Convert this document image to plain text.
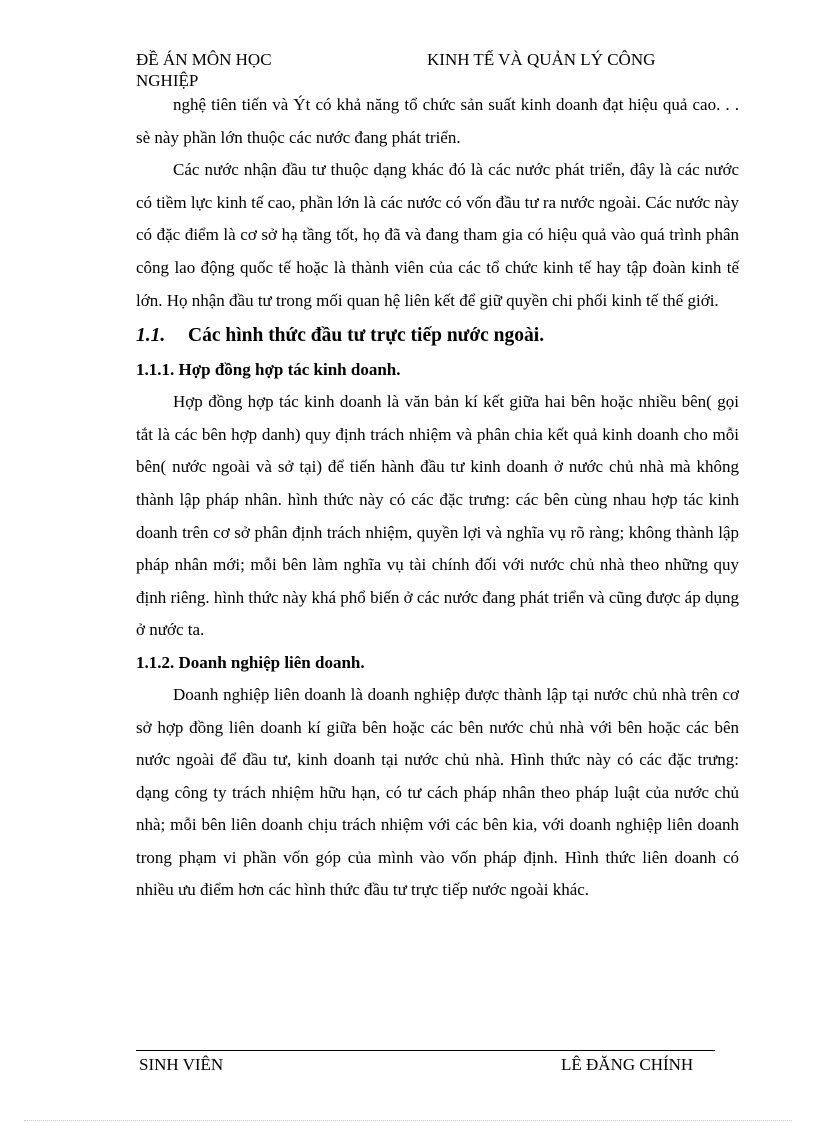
ĐỀ ÁN MÔN HỌC	KINH TẾ VÀ QUẢN LÝ CÔNG
NGHIỆP

nghệ tiên tiến và Ýt có khả năng tổ chức sản suất kinh doanh đạt hiệu quả cao. . . sè này phần lớn thuộc các nước đang phát triển.

Các nước nhận đầu tư thuộc dạng khác đó là các nước phát triển, đây là các nước có tiềm lực kinh tế cao, phần lớn là các nước có vốn đầu tư ra nước ngoài. Các nước này có đặc điểm là cơ sở hạ tầng tốt, họ đã và đang tham gia có hiệu quả vào quá trình phân công lao động quốc tế hoặc là thành viên của các tổ chức kinh tế hay tập đoàn kinh tế lớn. Họ nhận đầu tư trong mối quan hệ liên kết để giữ quyền chi phối kinh tế thế giới.

1.1. Các hình thức đầu tư trực tiếp nước ngoài.

1.1.1. Hợp đồng hợp tác kinh doanh.

Hợp đồng hợp tác kinh doanh là văn bản kí kết giữa hai bên hoặc nhiều bên( gọi tắt là các bên hợp danh) quy định trách nhiệm và phân chia kết quả kinh doanh cho mỗi bên( nước ngoài và sở tại) để tiến hành đầu tư kinh doanh ở nước chủ nhà mà không thành lập pháp nhân. hình thức này có các đặc trưng: các bên cùng nhau hợp tác kinh doanh trên cơ sở phân định trách nhiệm, quyền lợi và nghĩa vụ rõ ràng; không thành lập pháp nhân mới; mỗi bên làm nghĩa vụ tài chính đối với nước chủ nhà theo những quy định riêng. hình thức này khá phổ biến ở các nước đang phát triển và cũng được áp dụng ở nước ta.

1.1.2. Doanh nghiệp liên doanh.

Doanh nghiệp liên doanh là doanh nghiệp được thành lập tại nước chủ nhà trên cơ sở hợp đồng liên doanh kí giữa bên hoặc các bên nước chủ nhà với bên hoặc các bên nước ngoài để đầu tư, kinh doanh tại nước chủ nhà. Hình thức này có các đặc trưng: dạng công ty trách nhiệm hữu hạn, có tư cách pháp nhân theo pháp luật của nước chủ nhà; mỗi bên liên doanh chịu trách nhiệm với các bên kia, với doanh nghiệp liên doanh trong phạm vi phần vốn góp của mình vào vốn pháp định. Hình thức liên doanh có nhiều ưu điểm hơn các hình thức đầu tư trực tiếp nước ngoài khác.

SINH VIÊN	LÊ ĐĂNG CHÍNH
